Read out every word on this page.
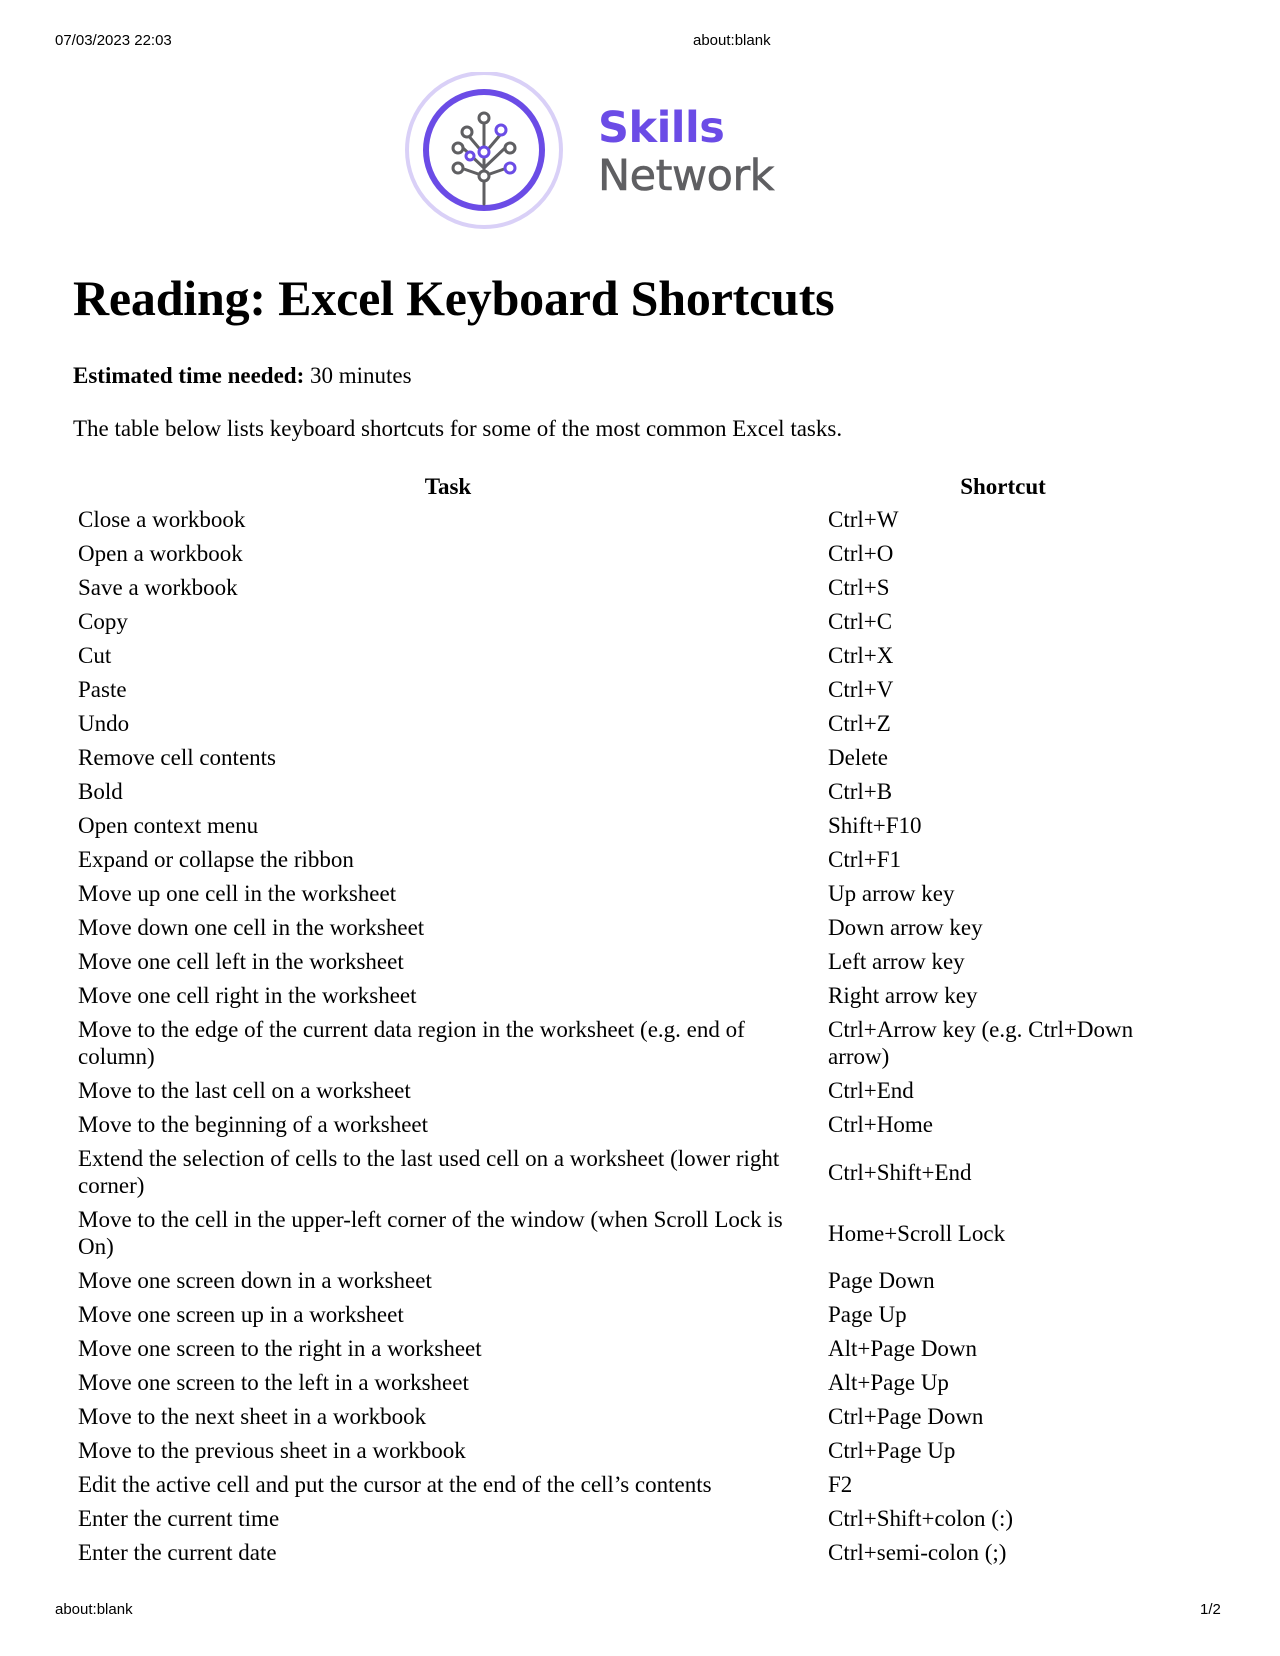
07/03/2023 22:03	about:blank
Skills
Network
Reading: Excel Keyboard Shortcuts
Estimated time needed: 30 minutes
The table below lists keyboard shortcuts for some of the most common Excel tasks.
Task	Shortcut
Close a workbook	Ctrl+W
Open a workbook	Ctrl+O
Save a workbook	Ctrl+S
Copy	Ctrl+C
Cut	Ctrl+X
Paste	Ctrl+V
Undo	Ctrl+Z
Remove cell contents	Delete
Bold	Ctrl+B
Open context menu	Shift+F10
Expand or collapse the ribbon	Ctrl+F1
Move up one cell in the worksheet	Up arrow key
Move down one cell in the worksheet	Down arrow key
Move one cell left in the worksheet	Left arrow key
Move one cell right in the worksheet	Right arrow key
Move to the edge of the current data region in the worksheet (e.g. end of column)	Ctrl+Arrow key (e.g. Ctrl+Down arrow)
Move to the last cell on a worksheet	Ctrl+End
Move to the beginning of a worksheet	Ctrl+Home
Extend the selection of cells to the last used cell on a worksheet (lower right corner)	Ctrl+Shift+End
Move to the cell in the upper-left corner of the window (when Scroll Lock is On)	Home+Scroll Lock
Move one screen down in a worksheet	Page Down
Move one screen up in a worksheet	Page Up
Move one screen to the right in a worksheet	Alt+Page Down
Move one screen to the left in a worksheet	Alt+Page Up
Move to the next sheet in a workbook	Ctrl+Page Down
Move to the previous sheet in a workbook	Ctrl+Page Up
Edit the active cell and put the cursor at the end of the cell’s contents	F2
Enter the current time	Ctrl+Shift+colon (:)
Enter the current date	Ctrl+semi-colon (;)
about:blank	1/2
